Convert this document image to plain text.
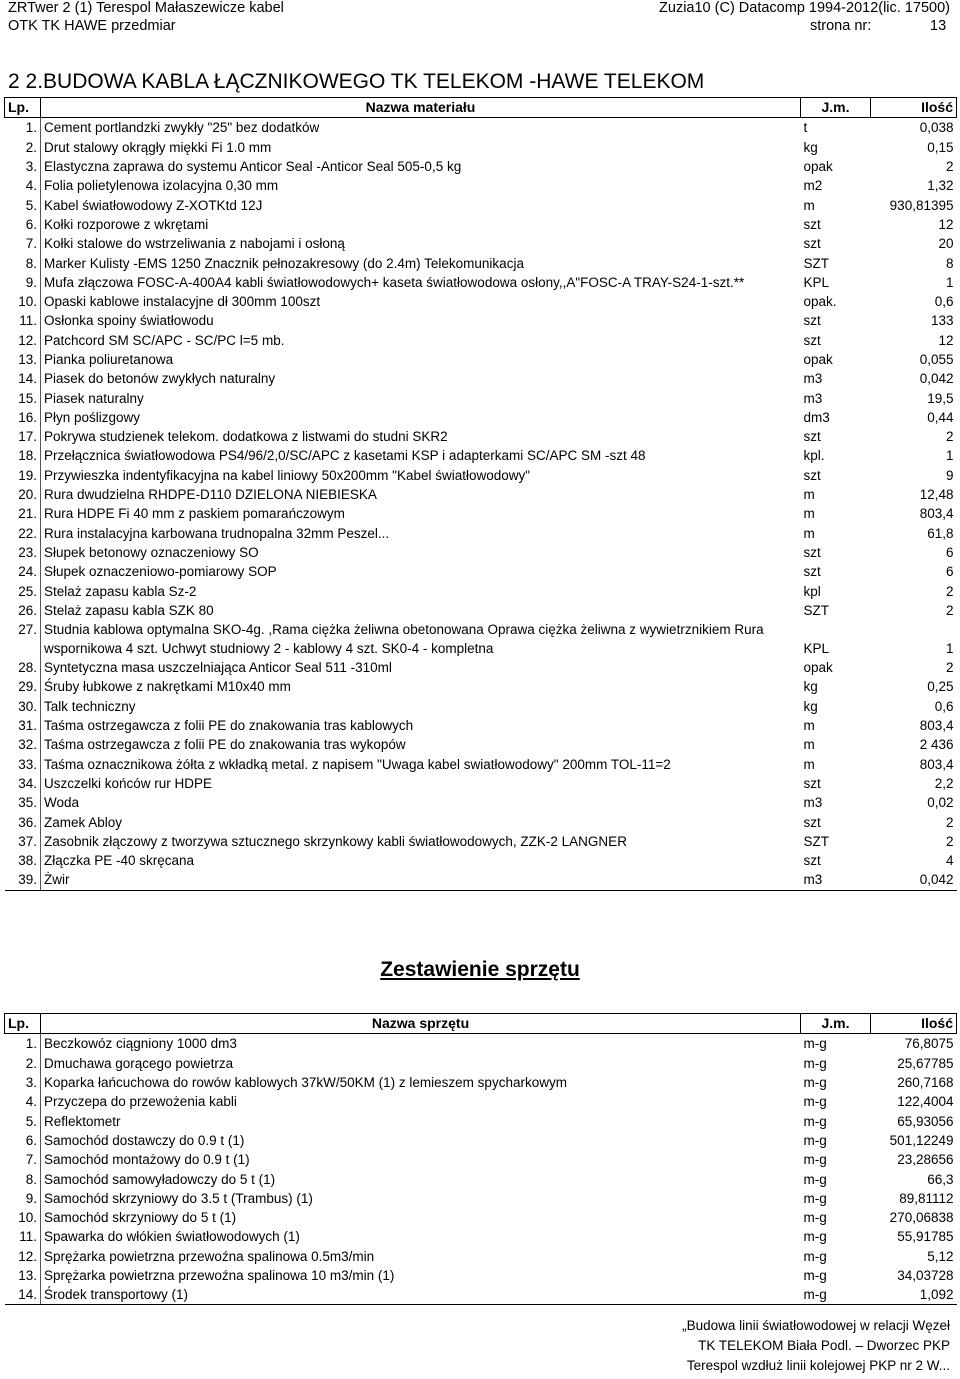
ZRTwer 2 (1) Terespol Małaszewicze kabel
OTK TK HAWE przedmiar
Zuzia10 (C) Datacomp 1994-2012(lic. 17500)
strona nr:	13
2 2.BUDOWA KABLA ŁĄCZNIKOWEGO TK TELEKOM -HAWE TELEKOM
Lp.	Nazwa materiału	J.m.	Ilość
1.	Cement portlandzki zwykły "25" bez dodatków	t	0,038
2.	Drut stalowy okrągły miękki Fi 1.0 mm	kg	0,15
3.	Elastyczna zaprawa do systemu Anticor Seal -Anticor Seal 505-0,5 kg	opak	2
4.	Folia polietylenowa izolacyjna 0,30 mm	m2	1,32
5.	Kabel światłowodowy Z-XOTKtd 12J	m	930,81395
6.	Kołki rozporowe z wkrętami	szt	12
7.	Kołki stalowe do wstrzeliwania z nabojami i osłoną	szt	20
8.	Marker Kulisty -EMS 1250 Znacznik pełnozakresowy (do 2.4m) Telekomunikacja	SZT	8
9.	Mufa złączowa FOSC-A-400A4 kabli światłowodowych+ kaseta światłowodowa osłony,,A"FOSC-A TRAY-S24-1-szt.**	KPL	1
10.	Opaski kablowe instalacyjne dł 300mm 100szt	opak.	0,6
11.	Osłonka spoiny światłowodu	szt	133
12.	Patchcord SM SC/APC - SC/PC l=5 mb.	szt	12
13.	Pianka poliuretanowa	opak	0,055
14.	Piasek do betonów zwykłych naturalny	m3	0,042
15.	Piasek naturalny	m3	19,5
16.	Płyn poślizgowy	dm3	0,44
17.	Pokrywa studzienek telekom. dodatkowa z listwami do studni SKR2	szt	2
18.	Przełącznica światłowodowa PS4/96/2,0/SC/APC z kasetami KSP i adapterkami SC/APC SM -szt 48	kpl.	1
19.	Przywieszka indentyfikacyjna na kabel liniowy 50x200mm "Kabel światłowodowy"	szt	9
20.	Rura dwudzielna RHDPE-D110 DZIELONA NIEBIESKA	m	12,48
21.	Rura HDPE Fi 40 mm z paskiem pomarańczowym	m	803,4
22.	Rura instalacyjna karbowana trudnopalna 32mm Peszel...	m	61,8
23.	Słupek betonowy oznaczeniowy SO	szt	6
24.	Słupek oznaczeniowo-pomiarowy SOP	szt	6
25.	Stelaż zapasu kabla Sz-2	kpl	2
26.	Stelaż zapasu kabla SZK 80	SZT	2
27.	Studnia kablowa optymalna SKO-4g. ,Rama ciężka żeliwna obetonowana Oprawa ciężka żeliwna z wywietrznikiem Rura wspornikowa 4 szt. Uchwyt studniowy 2 - kablowy 4 szt. SK0-4 - kompletna	KPL	1
28.	Syntetyczna masa uszczelniająca Anticor Seal 511 -310ml	opak	2
29.	Śruby łubkowe z nakrętkami M10x40 mm	kg	0,25
30.	Talk techniczny	kg	0,6
31.	Taśma ostrzegawcza z folii PE do znakowania tras kablowych	m	803,4
32.	Taśma ostrzegawcza z folii PE do znakowania tras wykopów	m	2 436
33.	Taśma oznacznikowa żółta z wkładką metal. z napisem "Uwaga kabel swiatłowodowy" 200mm TOL-11=2	m	803,4
34.	Uszczelki końców rur HDPE	szt	2,2
35.	Woda	m3	0,02
36.	Zamek Abloy	szt	2
37.	Zasobnik złączowy z tworzywa sztucznego skrzynkowy kabli światłowodowych, ZZK-2 LANGNER	SZT	2
38.	Złączka PE -40 skręcana	szt	4
39.	Żwir	m3	0,042
Zestawienie sprzętu
Lp.	Nazwa sprzętu	J.m.	Ilość
1.	Beczkowóz ciągniony 1000 dm3	m-g	76,8075
2.	Dmuchawa gorącego powietrza	m-g	25,67785
3.	Koparka łańcuchowa do rowów kablowych 37kW/50KM (1) z lemieszem spycharkowym	m-g	260,7168
4.	Przyczepa do przewożenia kabli	m-g	122,4004
5.	Reflektometr	m-g	65,93056
6.	Samochód dostawczy do 0.9 t (1)	m-g	501,12249
7.	Samochód montażowy do 0.9 t (1)	m-g	23,28656
8.	Samochód samowyładowczy do 5 t (1)	m-g	66,3
9.	Samochód skrzyniowy do 3.5 t (Trambus) (1)	m-g	89,81112
10.	Samochód skrzyniowy do 5 t (1)	m-g	270,06838
11.	Spawarka do włókien światłowodowych (1)	m-g	55,91785
12.	Sprężarka powietrzna przewoźna spalinowa 0.5m3/min	m-g	5,12
13.	Sprężarka powietrzna przewoźna spalinowa 10 m3/min (1)	m-g	34,03728
14.	Środek transportowy (1)	m-g	1,092
„Budowa linii światłowodowej w relacji Węzeł
TK TELEKOM Biała Podl. – Dworzec PKP
Terespol wzdłuż linii kolejowej PKP nr 2 W...
